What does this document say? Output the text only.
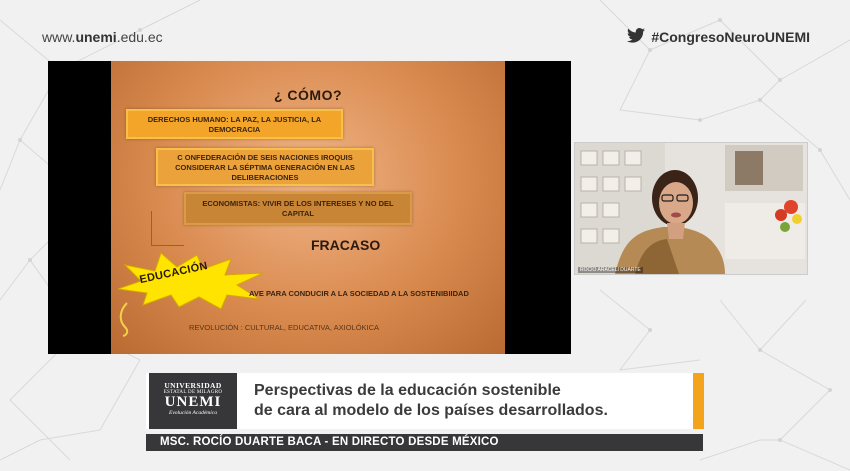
www.unemi.edu.ec	#CongresoNeuroUNEMI
¿ CÓMO?
DERECHOS HUMANO: LA PAZ, LA JUSTICIA, LA DEMOCRACIA
C ONFEDERACIÓN DE SEIS NACIONES IROQUIS CONSIDERAR LA SÉPTIMA GENERACIÓN EN LAS DELIBERACIONES
ECONOMISTAS: VIVIR DE LOS INTERESES Y NO DEL CAPITAL
FRACASO
EDUCACIÓN
AVE PARA CONDUCIR A LA SOCIEDAD A LA SOSTENIBIIDAD
REVOLUCIÓN : CULTURAL, EDUCATIVA, AXIOLÓKICA
ROCÍO ARACELI DUARTE
UNIVERSIDAD
ESTATAL DE MILAGRO
UNEMI
Evolución Académica
Perspectivas de la educación sostenible
de cara al modelo de los países desarrollados.
MSC. ROCÍO DUARTE BACA - EN DIRECTO DESDE MÉXICO
